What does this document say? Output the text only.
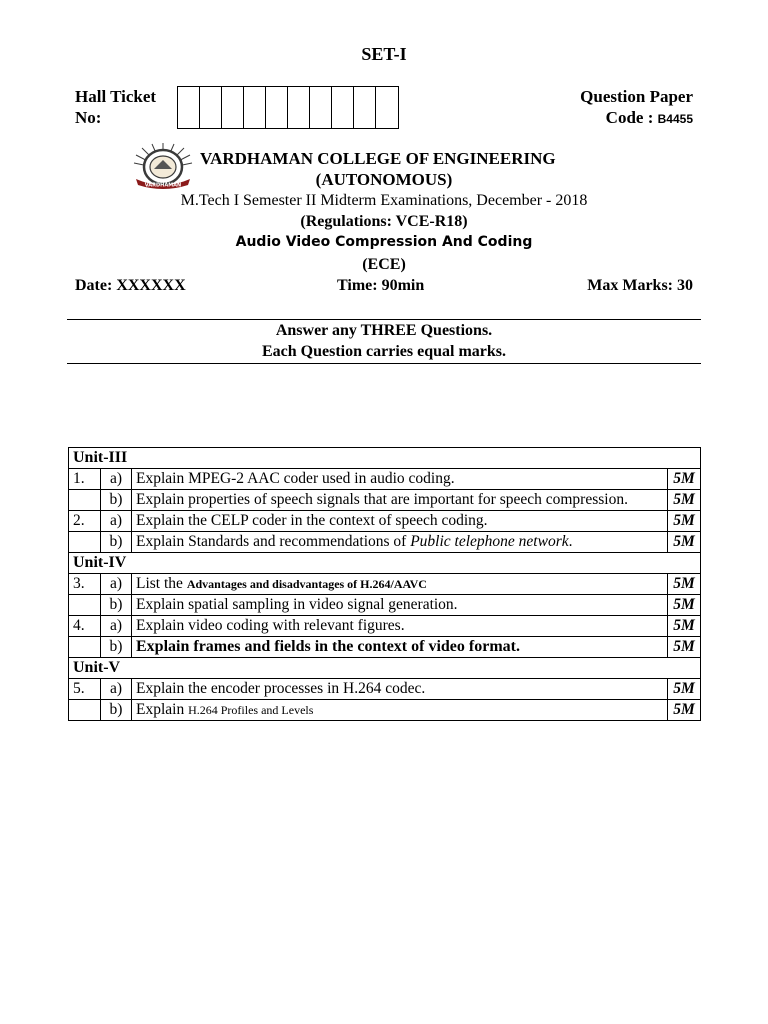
SET-I
Hall Ticket
No:
Question Paper
Code : B4455
VARDHAMAN
VARDHAMAN COLLEGE OF ENGINEERING
(AUTONOMOUS)
M.Tech I Semester II Midterm Examinations, December - 2018
(Regulations: VCE-R18)
Audio Video Compression And Coding
(ECE)
Date: XXXXXX	Time: 90min	Max Marks: 30
Answer any THREE Questions.
Each Question carries equal marks.
Unit-III			
1.	a)	Explain MPEG-2 AAC coder used in audio coding.	5M
	b)	Explain properties of speech signals that are important for speech compression.	5M
2.	a)	Explain the CELP coder in the context of speech coding.	5M
	b)	Explain Standards and recommendations of Public telephone network.	5M
Unit-IV			
3.	a)	List the Advantages and disadvantages of H.264/AAVC	5M
	b)	Explain spatial sampling in video signal generation.	5M
4.	a)	Explain video coding with relevant figures.	5M
	b)	Explain frames and fields in the context of video format.	5M
Unit-V			
5.	a)	Explain the encoder processes in H.264 codec.	5M
	b)	Explain H.264 Profiles and Levels	5M
